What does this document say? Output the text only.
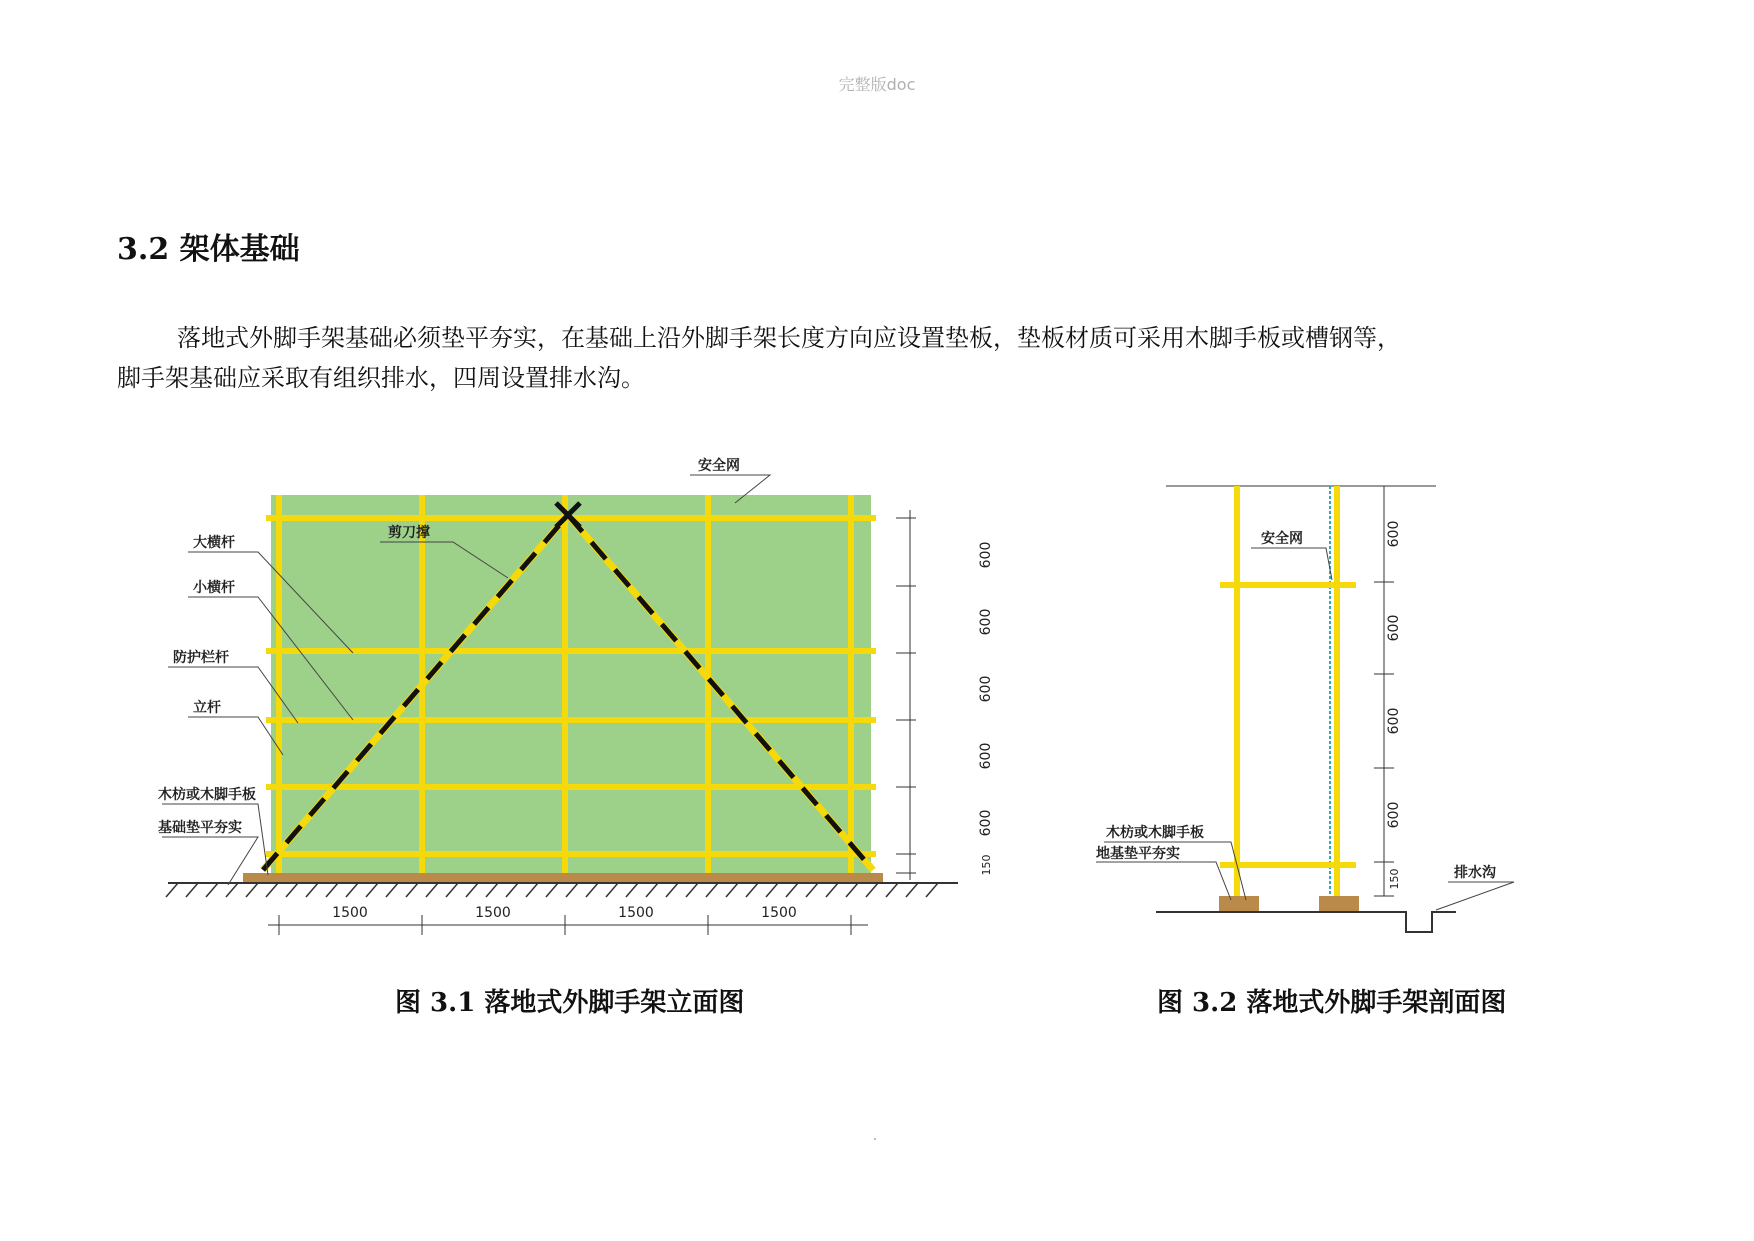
完整版doc
3.2 架体基础
落地式外脚手架基础必须垫平夯实，在基础上沿外脚手架长度方向应设置垫板，垫板材质可采用木脚手板或槽钢等，
脚手架基础应采取有组织排水，四周设置排水沟。
安全网
剪刀撑
大横杆
小横杆
防护栏杆
立杆
木枋或木脚手板
基础垫平夯实
600
600
600
600
600
150
1500	1500	1500	1500
安全网
木枋或木脚手板
地基垫平夯实
排水沟
600
600
600
600
150
图 3.1 落地式外脚手架立面图	图 3.2 落地式外脚手架剖面图
